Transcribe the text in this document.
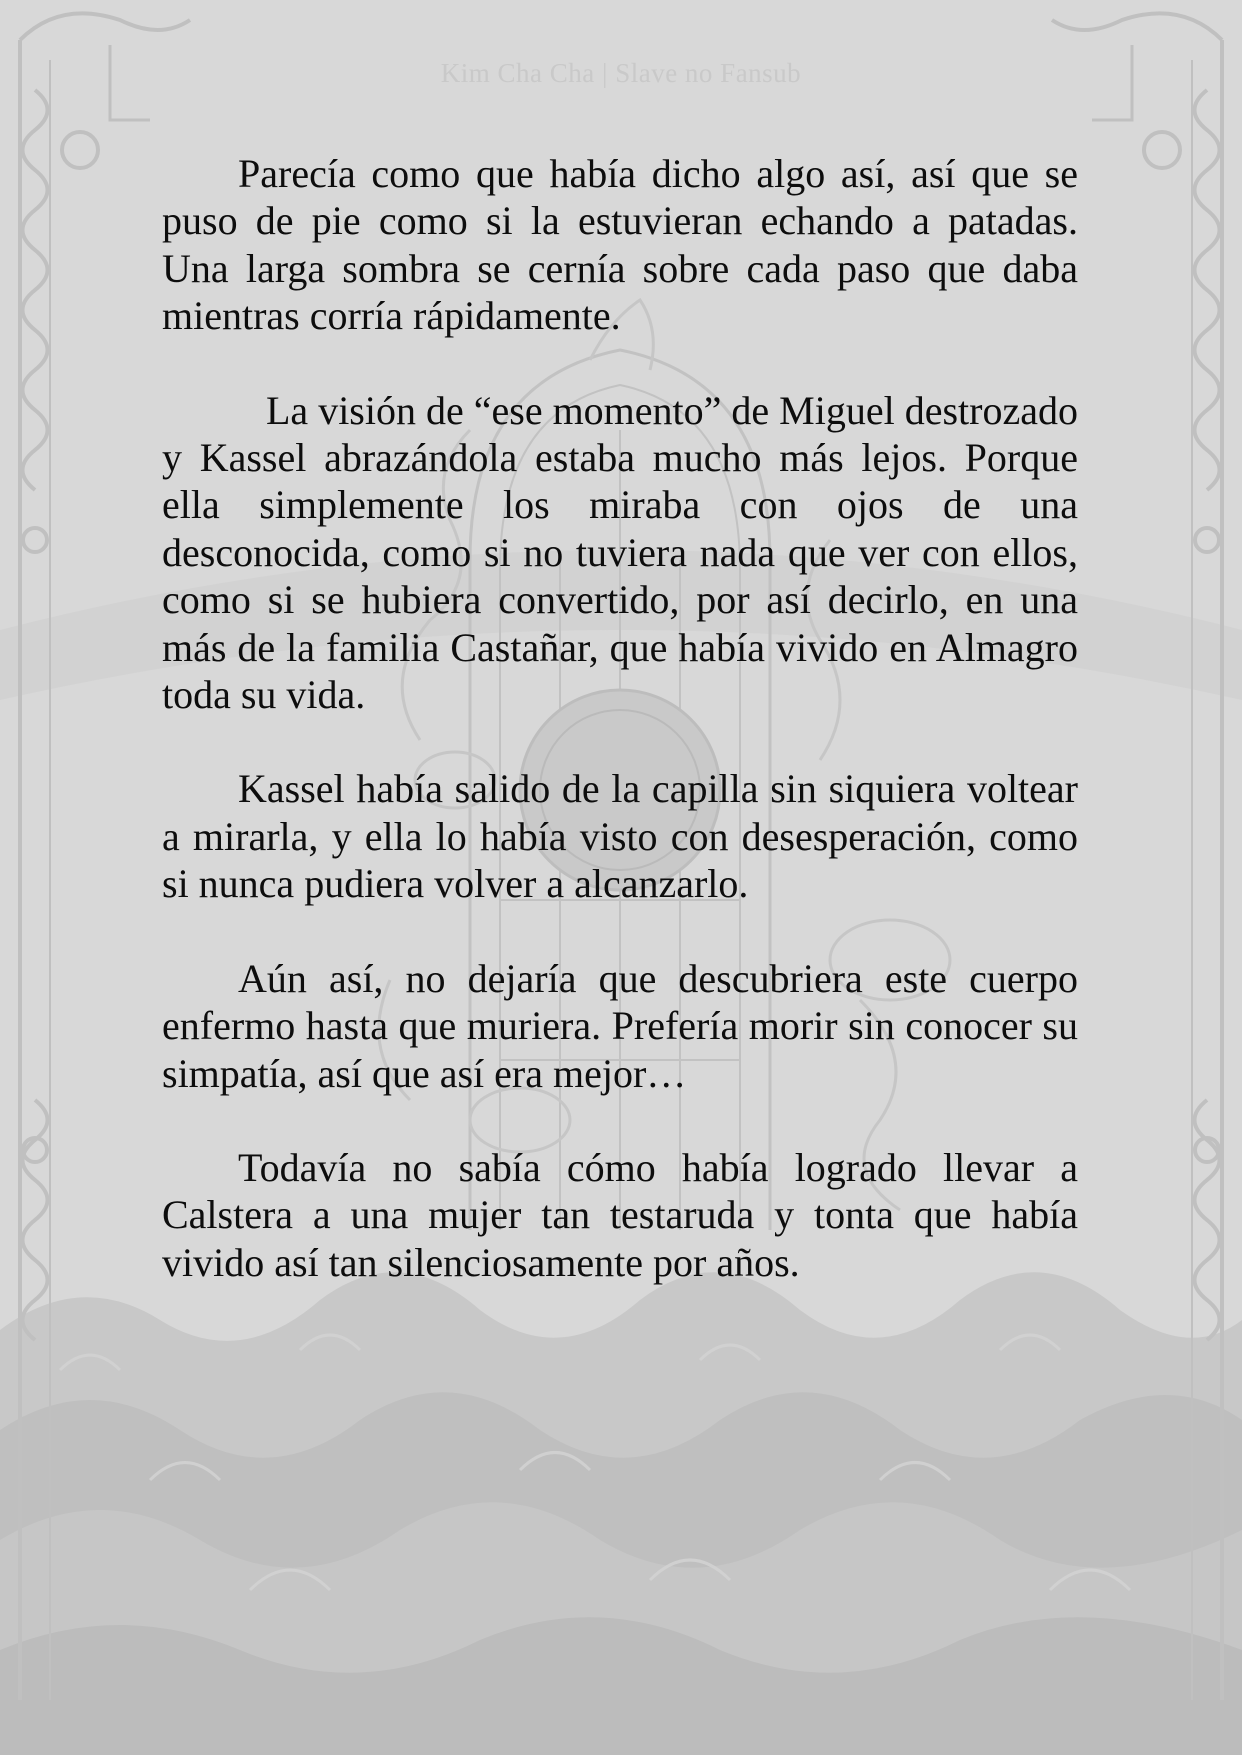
Kim Cha Cha | Slave no Fansub

Parecía como que había dicho algo así, así que se puso de pie como si la estuvieran echando a patadas. Una larga sombra se cernía sobre cada paso que daba mientras corría rápidamente.

La visión de “ese momento” de Miguel destrozado y Kassel abrazándola estaba mucho más lejos. Porque ella simplemente los miraba con ojos de una desconocida, como si no tuviera nada que ver con ellos, como si se hubiera convertido, por así decirlo, en una más de la familia Castañar, que había vivido en Almagro toda su vida.

Kassel había salido de la capilla sin siquiera voltear a mirarla, y ella lo había visto con desesperación, como si nunca pudiera volver a alcanzarlo.

Aún así, no dejaría que descubriera este cuerpo enfermo hasta que muriera. Prefería morir sin conocer su simpatía, así que así era mejor…

Todavía no sabía cómo había logrado llevar a Calstera a una mujer tan testaruda y tonta que había vivido así tan silenciosamente por años.
